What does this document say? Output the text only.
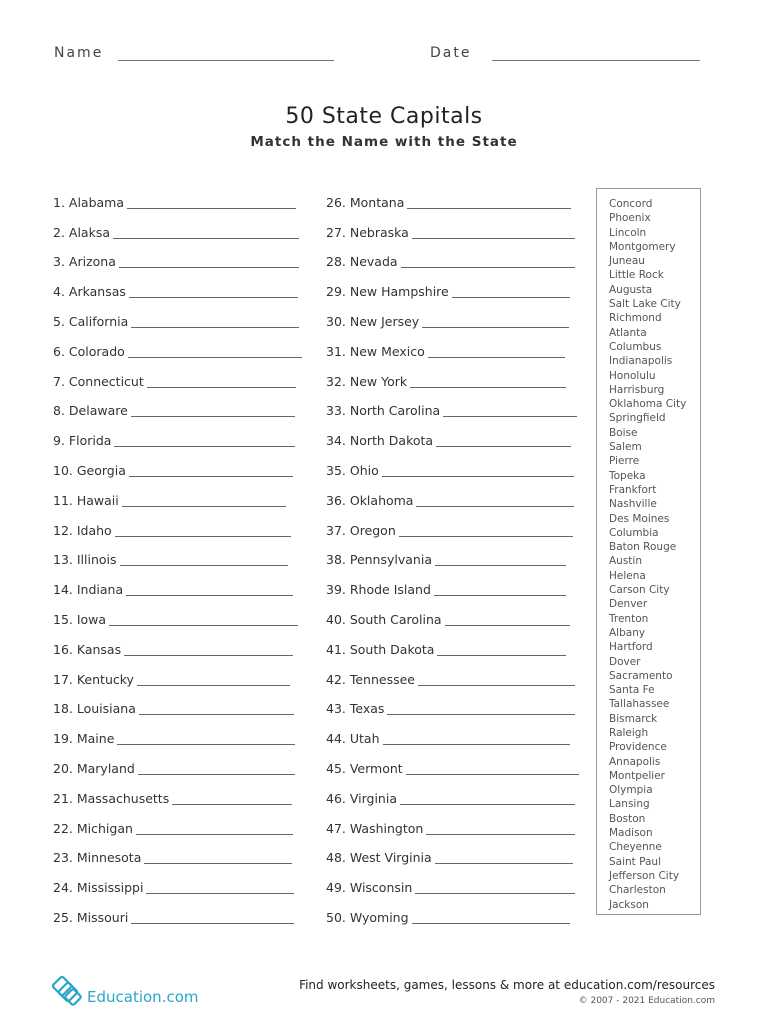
Name	Date
50 State Capitals
Match the Name with the State
1. Alabama
2. Alaksa
3. Arizona
4. Arkansas
5. California
6. Colorado
7. Connecticut
8. Delaware
9. Florida
10. Georgia
11. Hawaii
12. Idaho
13. Illinois
14. Indiana
15. Iowa
16. Kansas
17. Kentucky
18. Louisiana
19. Maine
20. Maryland
21. Massachusetts
22. Michigan
23. Minnesota
24. Mississippi
25. Missouri
26. Montana
27. Nebraska
28. Nevada
29. New Hampshire
30. New Jersey
31. New Mexico
32. New York
33. North Carolina
34. North Dakota
35. Ohio
36. Oklahoma
37. Oregon
38. Pennsylvania
39. Rhode Island
40. South Carolina
41. South Dakota
42. Tennessee
43. Texas
44. Utah
45. Vermont
46. Virginia
47. Washington
48. West Virginia
49. Wisconsin
50. Wyoming
Concord
Phoenix
Lincoln
Montgomery
Juneau
Little Rock
Augusta
Salt Lake City
Richmond
Atlanta
Columbus
Indianapolis
Honolulu
Harrisburg
Oklahoma City
Springfield
Boise
Salem
Pierre
Topeka
Frankfort
Nashville
Des Moines
Columbia
Baton Rouge
Austin
Helena
Carson City
Denver
Trenton
Albany
Hartford
Dover
Sacramento
Santa Fe
Tallahassee
Bismarck
Raleigh
Providence
Annapolis
Montpelier
Olympia
Lansing
Boston
Madison
Cheyenne
Saint Paul
Jefferson City
Charleston
Jackson
Education.com
Find worksheets, games, lessons & more at education.com/resources
© 2007 - 2021 Education.com
